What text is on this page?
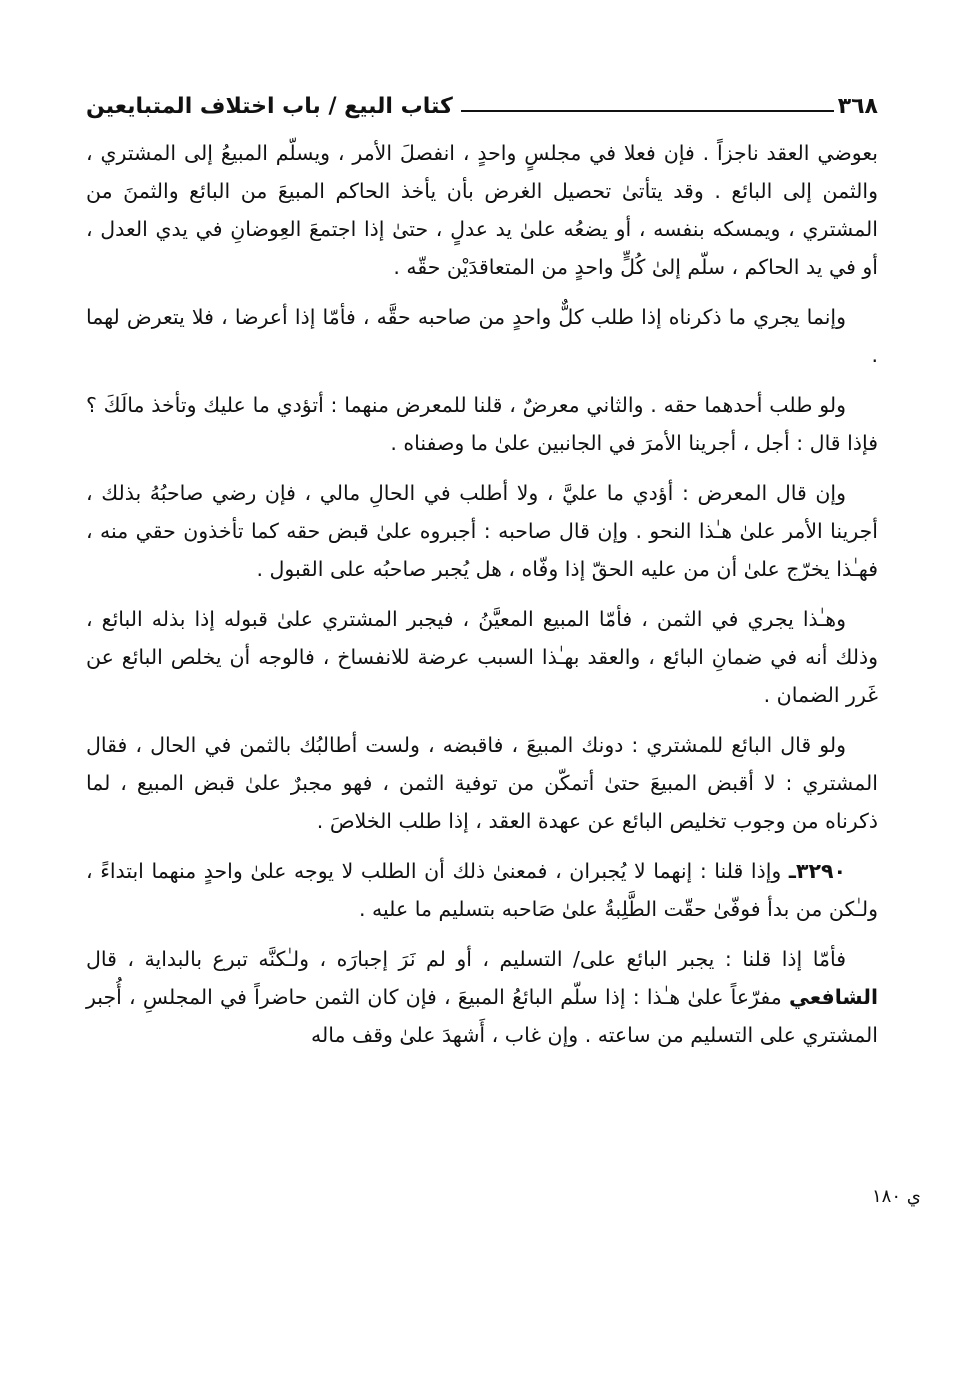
٣٦٨
كتاب البيع / باب اختلاف المتبايعين

بعوضي العقد ناجزاً . فإن فعلا في مجلسٍ واحدٍ ، انفصلَ الأمر ، ويسلّم المبيعُ إلى المشتري ، والثمن إلى البائع . وقد يتأتىٰ تحصيل الغرض بأن يأخذ الحاكم المبيعَ من البائع والثمنَ من المشتري ، ويمسكه بنفسه ، أو يضعُه علىٰ يد عدلٍ ، حتىٰ إذا اجتمعَ العِوضانِ في يدي العدل ، أو في يد الحاكم ، سلّم إلىٰ كُلٍّ واحدٍ من المتعاقدَيْن حقّه .

وإنما يجري ما ذكرناه إذا طلب كلٌّ واحدٍ من صاحبه حقَّه ، فأمّا إذا أعرضا ، فلا يتعرض لهما .

ولو طلب أحدهما حقه . والثاني معرضٌ ، قلنا للمعرض منهما : أتؤدي ما عليك وتأخذ مالَكَ ؟ فإذا قال : أجل ، أجرينا الأمرَ في الجانبين علىٰ ما وصفناه .

وإن قال المعرض : أؤدي ما عليَّ ، ولا أطلب في الحالِ مالي ، فإن رضي صاحبُهُ بذلك ، أجرينا الأمر علىٰ هـٰذا النحو . وإن قال صاحبه : أجبروه علىٰ قبض حقه كما تأخذون حقي منه ، فهـٰذا يخرّج علىٰ أن من عليه الحقّ إذا وفّاه ، هل يُجبر صاحبُه على القبول .

وهـٰذا يجري في الثمن ، فأمّا المبيع المعيَّنُ ، فيجبر المشتري علىٰ قبوله إذا بذله البائع ، وذلك أنه في ضمانِ البائع ، والعقد بهـٰذا السبب عرضة للانفساخ ، فالوجه أن يخلص البائع عن غَرر الضمان .

ولو قال البائع للمشتري : دونك المبيعَ ، فاقبضه ، ولست أطالبُك بالثمن في الحال ، فقال المشتري : لا أقبض المبيعَ حتىٰ أتمكّن من توفية الثمن ، فهو مجبرٌ علىٰ قبض المبيع ، لما ذكرناه من وجوب تخليص البائع عن عهدة العقد ، إذا طلب الخلاصَ .

٣٢٩٠ـ وإذا قلنا : إنهما لا يُجبران ، فمعنىٰ ذلك أن الطلب لا يوجه علىٰ واحدٍ منهما ابتداءً ، ولـٰكن من بدأ فوفّىٰ حقّت الطَّلِبةُ علىٰ صَاحبه بتسليم ما عليه .

فأمّا إذا قلنا : يجبر البائع على/ التسليم ، أو لم نَرَ إجبارَه ، ولـٰكنَّه تبرع بالبداية ، قال الشافعي مفرّعاً علىٰ هـٰذا : إذا سلّم البائعُ المبيعَ ، فإن كان الثمن حاضراً في المجلسِ ، أُجبر المشتري على التسليم من ساعته . وإن غاب ، أَشهدَ علىٰ وقف ماله

ي ١٨٠
